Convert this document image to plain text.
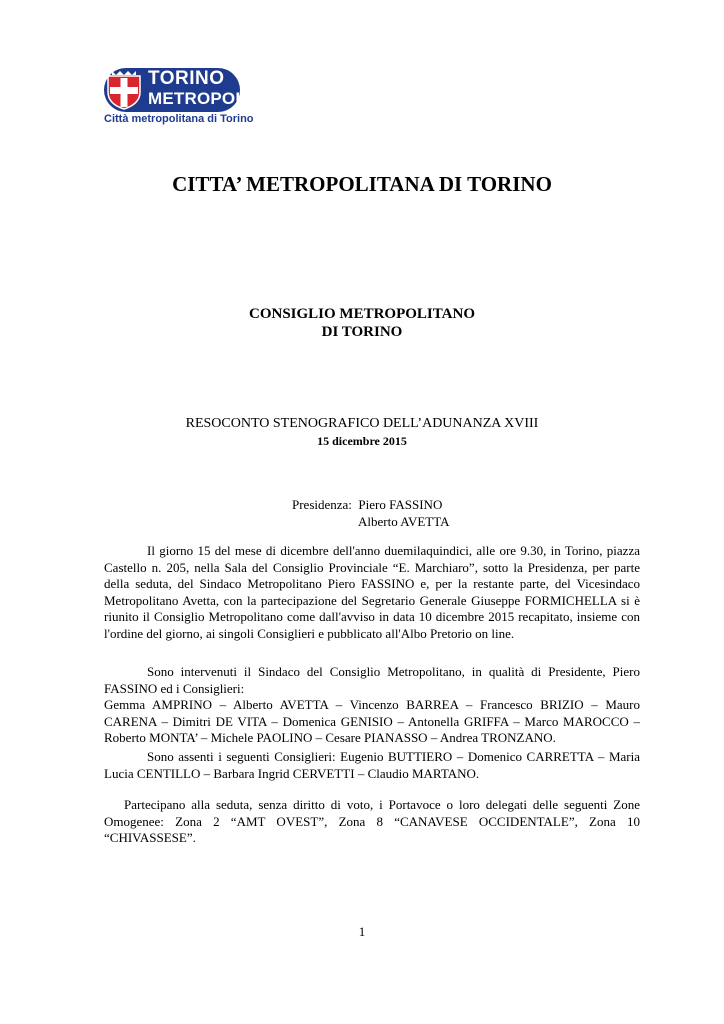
TORINO
METROPOLI
Città metropolitana di Torino
CITTA’ METROPOLITANA DI TORINO
CONSIGLIO METROPOLITANO
DI TORINO
RESOCONTO STENOGRAFICO DELL’ADUNANZA XVIII
15 dicembre 2015
Presidenza: Piero FASSINO
Alberto AVETTA
Il giorno 15 del mese di dicembre dell'anno duemilaquindici, alle ore 9.30, in Torino, piazza Castello n. 205, nella Sala del Consiglio Provinciale “E. Marchiaro”, sotto la Presidenza, per parte della seduta, del Sindaco Metropolitano Piero FASSINO e, per la restante parte, del Vicesindaco Metropolitano Avetta, con la partecipazione del Segretario Generale Giuseppe FORMICHELLA si è riunito il Consiglio Metropolitano come dall'avviso in data 10 dicembre 2015 recapitato, insieme con l'ordine del giorno, ai singoli Consiglieri e pubblicato all'Albo Pretorio on line.
Sono intervenuti il Sindaco del Consiglio Metropolitano, in qualità di Presidente, Piero FASSINO ed i Consiglieri:
Gemma AMPRINO – Alberto AVETTA – Vincenzo BARREA – Francesco BRIZIO – Mauro CARENA – Dimitri DE VITA – Domenica GENISIO – Antonella GRIFFA – Marco MAROCCO – Roberto MONTA’ – Michele PAOLINO – Cesare PIANASSO – Andrea TRONZANO.
Sono assenti i seguenti Consiglieri: Eugenio BUTTIERO – Domenico CARRETTA – Maria Lucia CENTILLO – Barbara Ingrid CERVETTI – Claudio MARTANO.
Partecipano alla seduta, senza diritto di voto, i Portavoce o loro delegati delle seguenti Zone Omogenee: Zona 2 “AMT OVEST”, Zona 8 “CANAVESE OCCIDENTALE”, Zona 10 “CHIVASSESE”.
1
